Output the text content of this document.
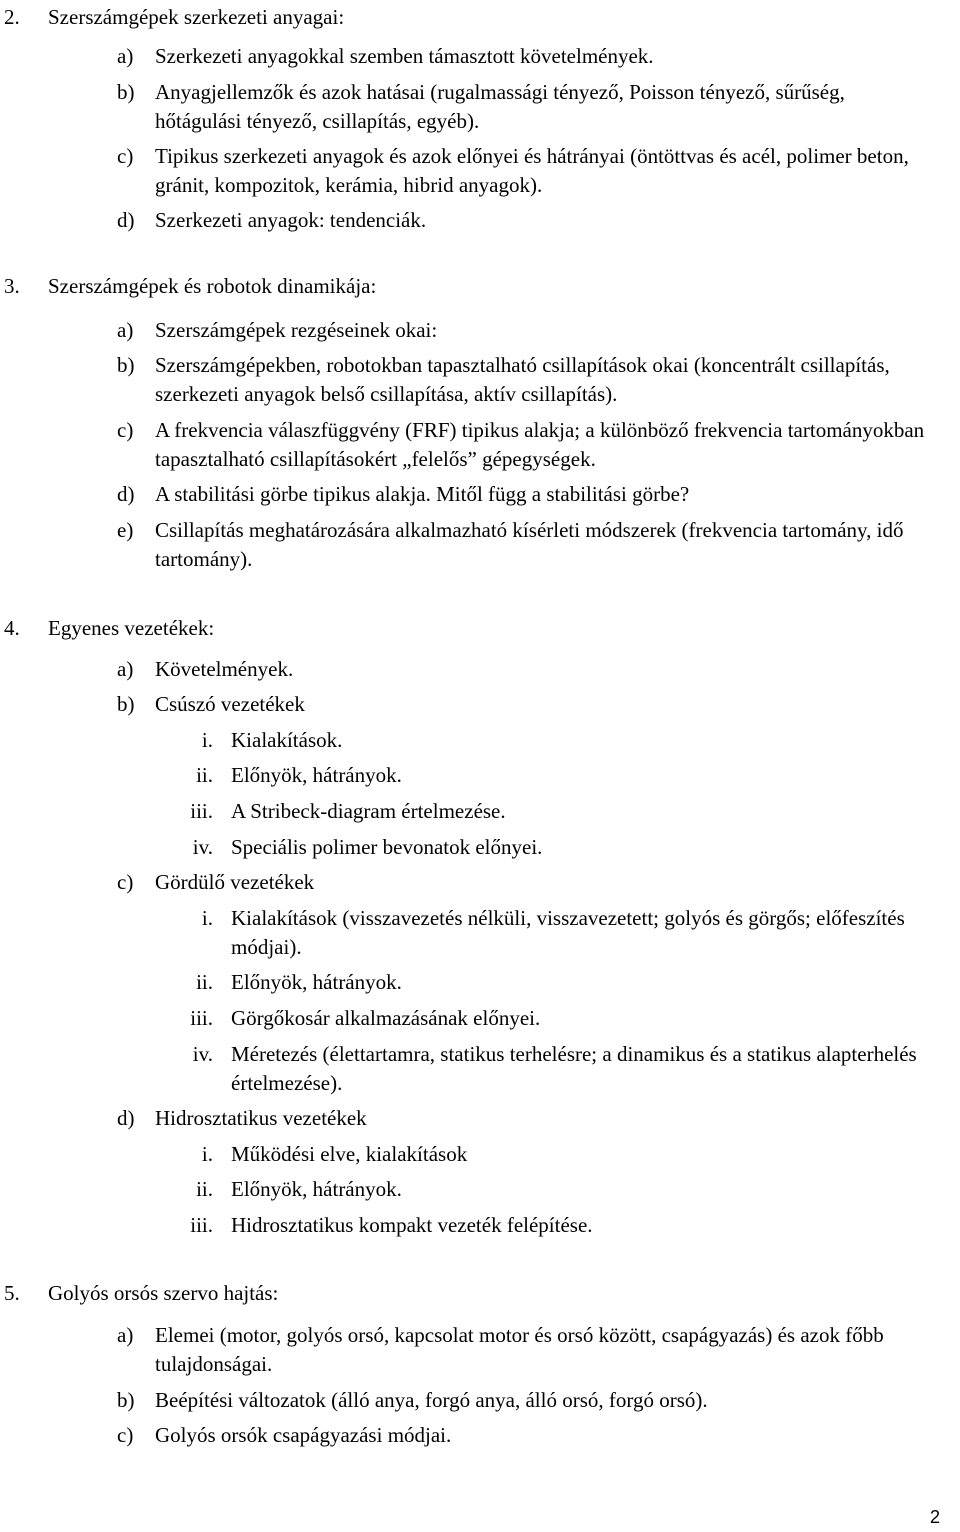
2. Szerszámgépek szerkezeti anyagai:
a) Szerkezeti anyagokkal szemben támasztott követelmények.
b) Anyagjellemzők és azok hatásai (rugalmassági tényező, Poisson tényező, sűrűség, hőtágulási tényező, csillapítás, egyéb).
c) Tipikus szerkezeti anyagok és azok előnyei és hátrányai (öntöttvas és acél, polimer beton, gránit, kompozitok, kerámia, hibrid anyagok).
d) Szerkezeti anyagok: tendenciák.
3. Szerszámgépek és robotok dinamikája:
a) Szerszámgépek rezgéseinek okai:
b) Szerszámgépekben, robotokban tapasztalható csillapítások okai (koncentrált csillapítás, szerkezeti anyagok belső csillapítása, aktív csillapítás).
c) A frekvencia válaszfüggvény (FRF) tipikus alakja; a különböző frekvencia tartományokban tapasztalható csillapításokért „felelős” gépegységek.
d) A stabilitási görbe tipikus alakja. Mitől függ a stabilitási görbe?
e) Csillapítás meghatározására alkalmazható kísérleti módszerek (frekvencia tartomány, idő tartomány).
4. Egyenes vezetékek:
a) Követelmények.
b) Csúszó vezetékek
i. Kialakítások.
ii. Előnyök, hátrányok.
iii. A Stribeck-diagram értelmezése.
iv. Speciális polimer bevonatok előnyei.
c) Gördülő vezetékek
i. Kialakítások (visszavezetés nélküli, visszavezetett; golyós és görgős; előfeszítés módjai).
ii. Előnyök, hátrányok.
iii. Görgőkosár alkalmazásának előnyei.
iv. Méretezés (élettartamra, statikus terhelésre; a dinamikus és a statikus alapterhelés értelmezése).
d) Hidrosztatikus vezetékek
i. Működési elve, kialakítások
ii. Előnyök, hátrányok.
iii. Hidrosztatikus kompakt vezeték felépítése.
5. Golyós orsós szervo hajtás:
a) Elemei (motor, golyós orsó, kapcsolat motor és orsó között, csapágyazás) és azok főbb tulajdonságai.
b) Beépítési változatok (álló anya, forgó anya, álló orsó, forgó orsó).
c) Golyós orsók csapágyazási módjai.
2
